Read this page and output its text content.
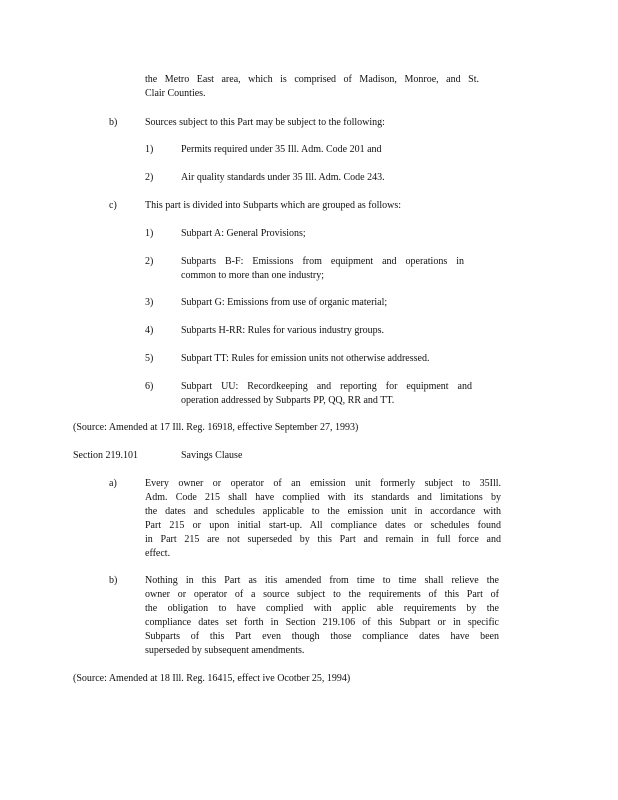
the Metro East area, which is comprised of Madison, Monroe, and St.
Clair Counties.
b)	Sources subject to this Part may be subject to the following:
1)	Permits required under 35 Ill. Adm. Code 201 and
2)	Air quality standards under 35 Ill. Adm. Code 243.
c)	This part is divided into Subparts which are grouped as follows:
1)	Subpart A: General Provisions;
2)	Subparts B-F: Emissions from equipment and operations in
common to more than one industry;
3)	Subpart G: Emissions from use of organic material;
4)	Subparts H-RR: Rules for various industry groups.
5)	Subpart TT: Rules for emission units not otherwise addressed.
6)	Subpart UU: Recordkeeping and reporting for equipment and
operation addressed by Subparts PP, QQ, RR and TT.
(Source: Amended at 17 Ill. Reg. 16918, effective September 27, 1993)
Section 219.101	Savings Clause
a)	Every owner or operator of an emission unit formerly subject to 35Ill.
Adm. Code 215 shall have complied with its standards and limitations by
the dates and schedules applicable to the emission unit in accordance with
Part 215 or upon initial start-up. All compliance dates or schedules found
in Part 215 are not superseded by this Part and remain in full force and
effect.
b)	Nothing in this Part as itis amended from time to time shall relieve the
owner or operator of a source subject to the requirements of this Part of
the obligation to have complied with applic able requirements by the
compliance dates set forth in Section 219.106 of this Subpart or in specific
Subparts of this Part even though those compliance dates have been
superseded by subsequent amendments.
(Source: Amended at 18 Ill. Reg. 16415, effect ive Ocotber 25, 1994)
